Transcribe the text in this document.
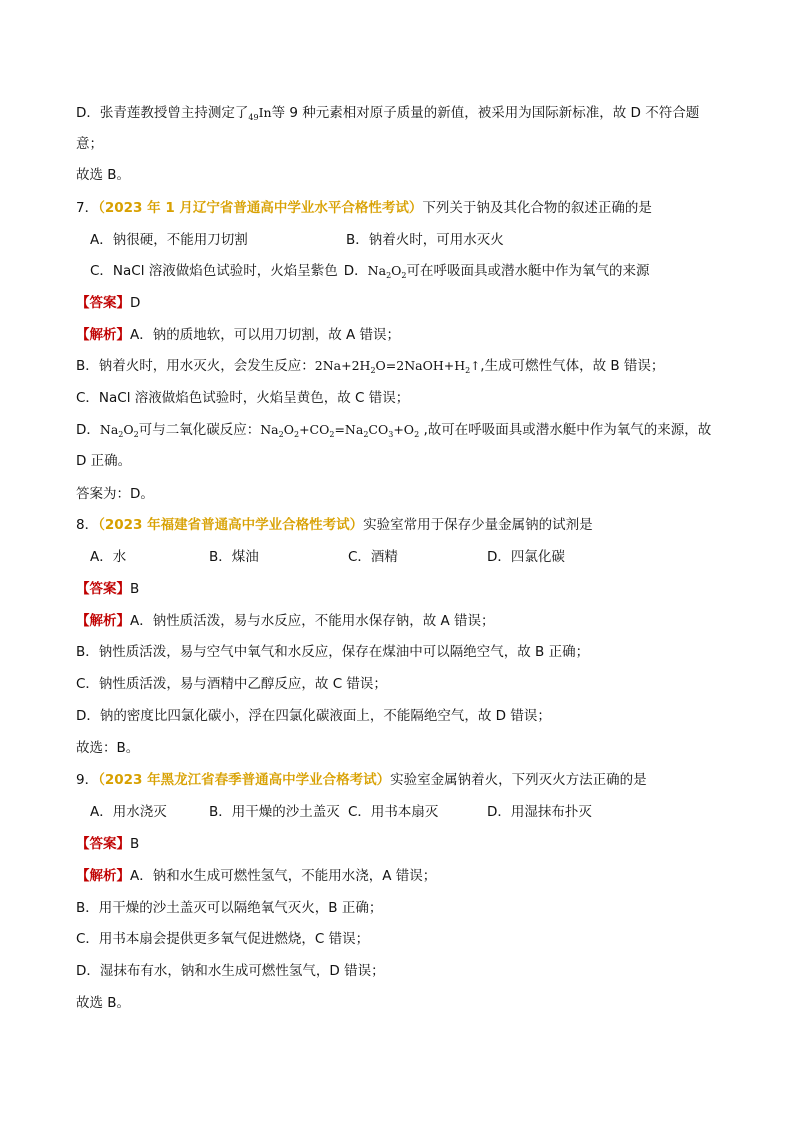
D．张青莲教授曾主持测定了$_{49}$In等 9 种元素相对原子质量的新值，被采用为国际新标准，故 D 不符合题
意；
故选 B。
7．（2023 年 1 月辽宁省普通高中学业水平合格性考试）下列关于钠及其化合物的叙述正确的是
A．钠很硬，不能用刀切割	B．钠着火时，可用水灭火
C．NaCl 溶液做焰色试验时，火焰呈紫色 D．$Na_2O_2$可在呼吸面具或潜水艇中作为氧气的来源
【答案】D
【解析】A．钠的质地软，可以用刀切割，故 A 错误；
B．钠着火时，用水灭火，会发生反应：$2Na+2H_2O=2NaOH+H_2↑$,生成可燃性气体，故 B 错误；
C．NaCl 溶液做焰色试验时，火焰呈黄色，故 C 错误；
D．$Na_2O_2$可与二氧化碳反应：$Na_2O_2+CO_2=Na_2CO_3+O_2$ ,故可在呼吸面具或潜水艇中作为氧气的来源，故
D 正确。
答案为：D。
8．（2023 年福建省普通高中学业合格性考试）实验室常用于保存少量金属钠的试剂是
A．水	B．煤油	C．酒精	D．四氯化碳
【答案】B
【解析】A．钠性质活泼，易与水反应，不能用水保存钠，故 A 错误；
B．钠性质活泼，易与空气中氧气和水反应，保存在煤油中可以隔绝空气，故 B 正确；
C．钠性质活泼，易与酒精中乙醇反应，故 C 错误；
D．钠的密度比四氯化碳小，浮在四氯化碳液面上，不能隔绝空气，故 D 错误；
故选：B。
9．（2023 年黑龙江省春季普通高中学业合格考试）实验室金属钠着火，下列灭火方法正确的是
A．用水浇灭	B．用干燥的沙土盖灭 C．用书本扇灭	D．用湿抹布扑灭
【答案】B
【解析】A．钠和水生成可燃性氢气，不能用水浇，A 错误；
B．用干燥的沙土盖灭可以隔绝氧气灭火，B 正确；
C．用书本扇会提供更多氧气促进燃烧，C 错误；
D．湿抹布有水，钠和水生成可燃性氢气，D 错误；
故选 B。
